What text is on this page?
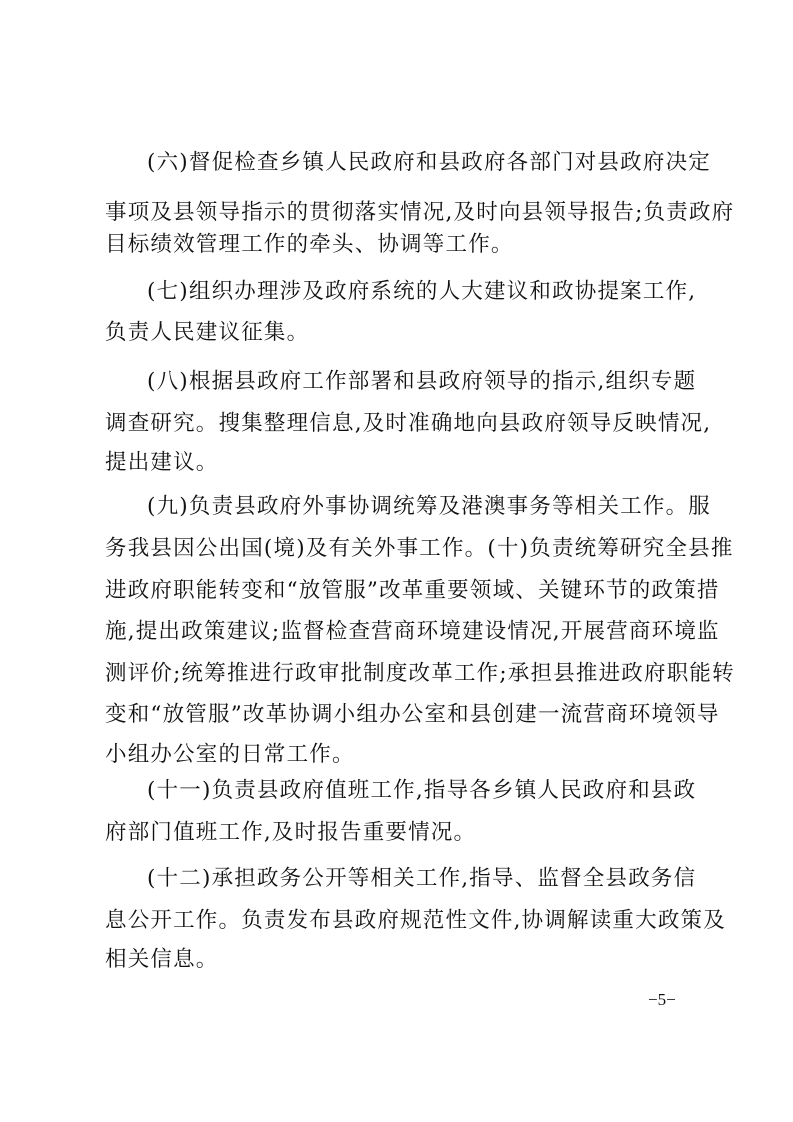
(六)督促检查乡镇人民政府和县政府各部门对县政府决定
事项及县领导指示的贯彻落实情况,及时向县领导报告;负责政府
目标绩效管理工作的牵头、协调等工作。
(七)组织办理涉及政府系统的人大建议和政协提案工作,
负责人民建议征集。
(八)根据县政府工作部署和县政府领导的指示,组织专题
调查研究。搜集整理信息,及时准确地向县政府领导反映情况,
提出建议。
(九)负责县政府外事协调统筹及港澳事务等相关工作。服
务我县因公出国(境)及有关外事工作。(十)负责统筹研究全县推
进政府职能转变和“放管服”改革重要领域、关键环节的政策措
施,提出政策建议;监督检查营商环境建设情况,开展营商环境监
测评价;统筹推进行政审批制度改革工作;承担县推进政府职能转
变和“放管服”改革协调小组办公室和县创建一流营商环境领导
小组办公室的日常工作。
(十一)负责县政府值班工作,指导各乡镇人民政府和县政
府部门值班工作,及时报告重要情况。
(十二)承担政务公开等相关工作,指导、监督全县政务信
息公开工作。负责发布县政府规范性文件,协调解读重大政策及
相关信息。
−5−
